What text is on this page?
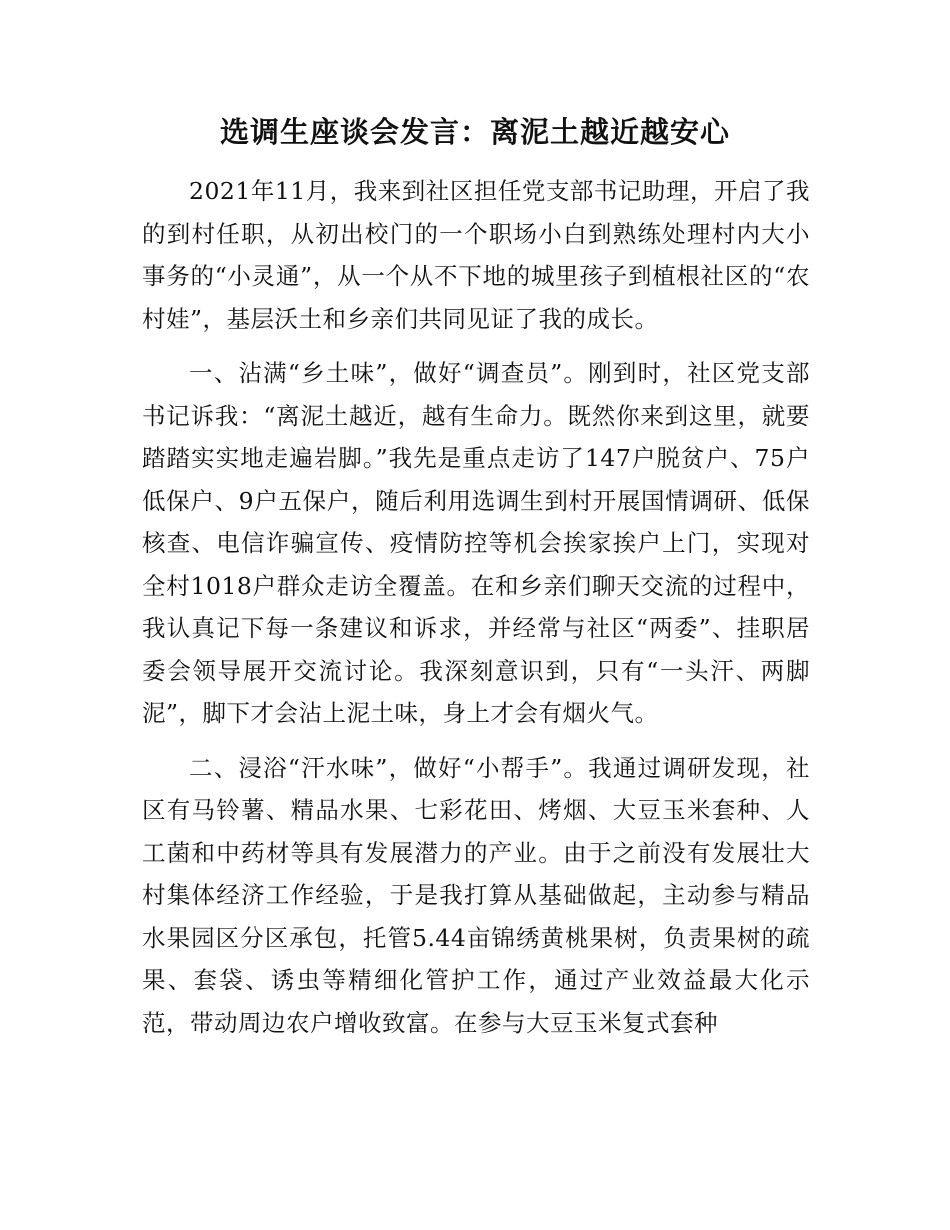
选调生座谈会发言：离泥土越近越安心

2021年11月，我来到社区担任党支部书记助理，开启了我的到村任职，从初出校门的一个职场小白到熟练处理村内大小事务的“小灵通”，从一个从不下地的城里孩子到植根社区的“农村娃”，基层沃土和乡亲们共同见证了我的成长。

一、沾满“乡土味”，做好“调查员”。刚到时，社区党支部书记诉我：“离泥土越近，越有生命力。既然你来到这里，就要踏踏实实地走遍岩脚。”我先是重点走访了147户脱贫户、75户低保户、9户五保户，随后利用选调生到村开展国情调研、低保核查、电信诈骗宣传、疫情防控等机会挨家挨户上门，实现对全村1018户群众走访全覆盖。在和乡亲们聊天交流的过程中，我认真记下每一条建议和诉求，并经常与社区“两委”、挂职居委会领导展开交流讨论。我深刻意识到，只有“一头汗、两脚泥”，脚下才会沾上泥土味，身上才会有烟火气。

二、浸浴“汗水味”，做好“小帮手”。我通过调研发现，社区有马铃薯、精品水果、七彩花田、烤烟、大豆玉米套种、人工菌和中药材等具有发展潜力的产业。由于之前没有发展壮大村集体经济工作经验，于是我打算从基础做起，主动参与精品水果园区分区承包，托管5.44亩锦绣黄桃果树，负责果树的疏果、套袋、诱虫等精细化管护工作，通过产业效益最大化示范，带动周边农户增收致富。在参与大豆玉米复式套种
